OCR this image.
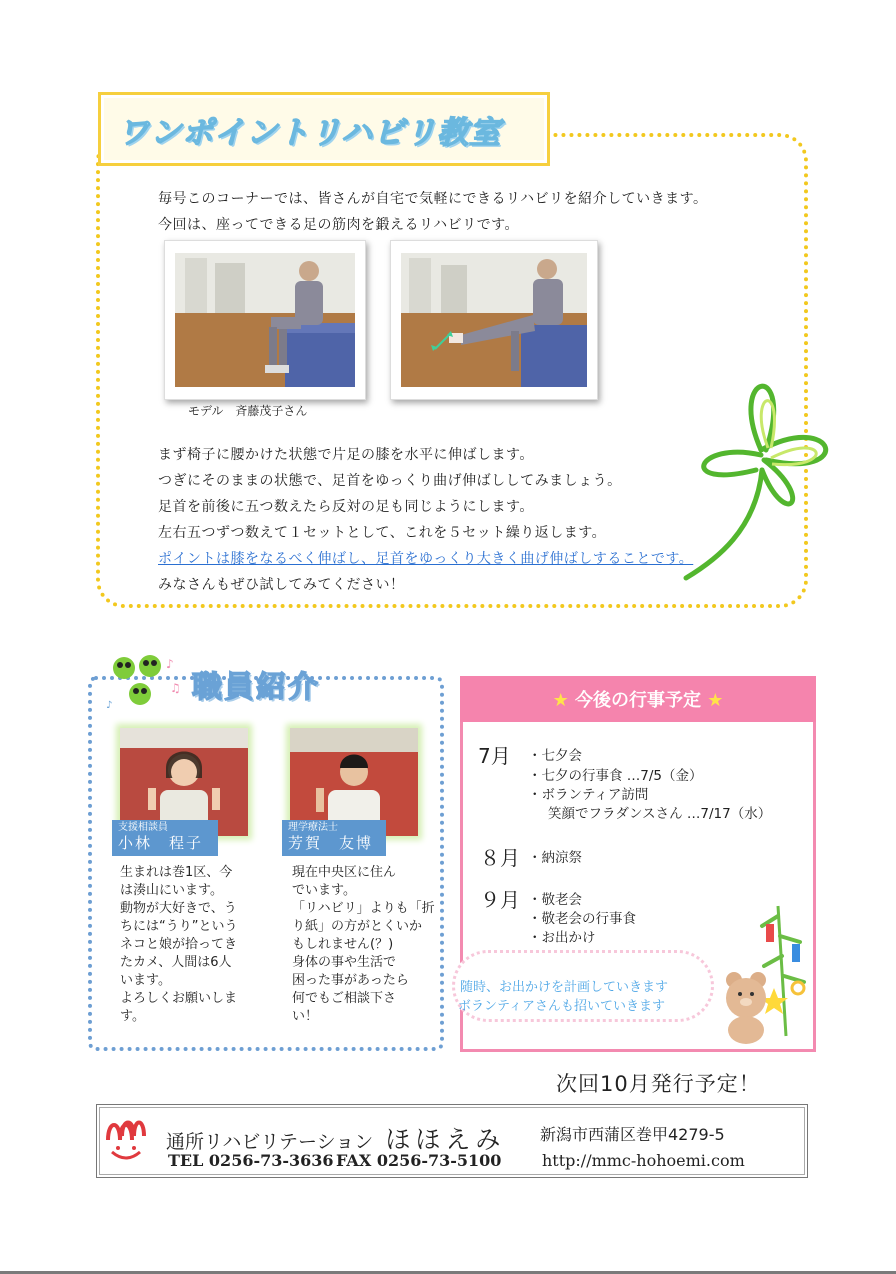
ワンポイントリハビリ教室
毎号このコーナーでは、皆さんが自宅で気軽にできるリハビリを紹介していきます。
今回は、座ってできる足の筋肉を鍛えるリハビリです。
モデル　斉藤茂子さん
まず椅子に腰かけた状態で片足の膝を水平に伸ばします。
つぎにそのままの状態で、足首をゆっくり曲げ伸ばししてみましょう。
足首を前後に五つ数えたら反対の足も同じようにします。
左右五つずつ数えて１セットとして、これを５セット繰り返します。
ポイントは膝をなるべく伸ばし、足首をゆっくり大きく曲げ伸ばしすることです。
みなさんもぜひ試してみてください！
♪
♫
♪
職員紹介
支援相談員
小林　程子
生まれは巻1区、今
は湊山にいます。
動物が大好きで、う
ちには“うり”という
ネコと娘が拾ってき
たカメ、人間は6人
います。
よろしくお願いしま
す。
理学療法士
芳賀　友博
現在中央区に住ん
でいます。
「リハビリ」よりも「折
り紙」の方がとくいか
もしれません(？)
身体の事や生活で
困った事があったら
何でもご相談下さ
い！
★ 今後の行事予定 ★
7月 ・七夕会
・七夕の行事食 …7/5（金）
・ボランティア訪問
笑顔でフラダンスさん …7/17（水）
８月 ・納涼祭
９月 ・敬老会
・敬老会の行事食
・お出かけ
随時、お出かけを計画していきます
ボランティアさんも招いていきます
次回10月発行予定！
通所リハビリテーション ほほえみ 新潟市西蒲区巻甲4279-5
TEL 0256-73-3636 FAX 0256-73-5100	http://mmc-hohoemi.com
